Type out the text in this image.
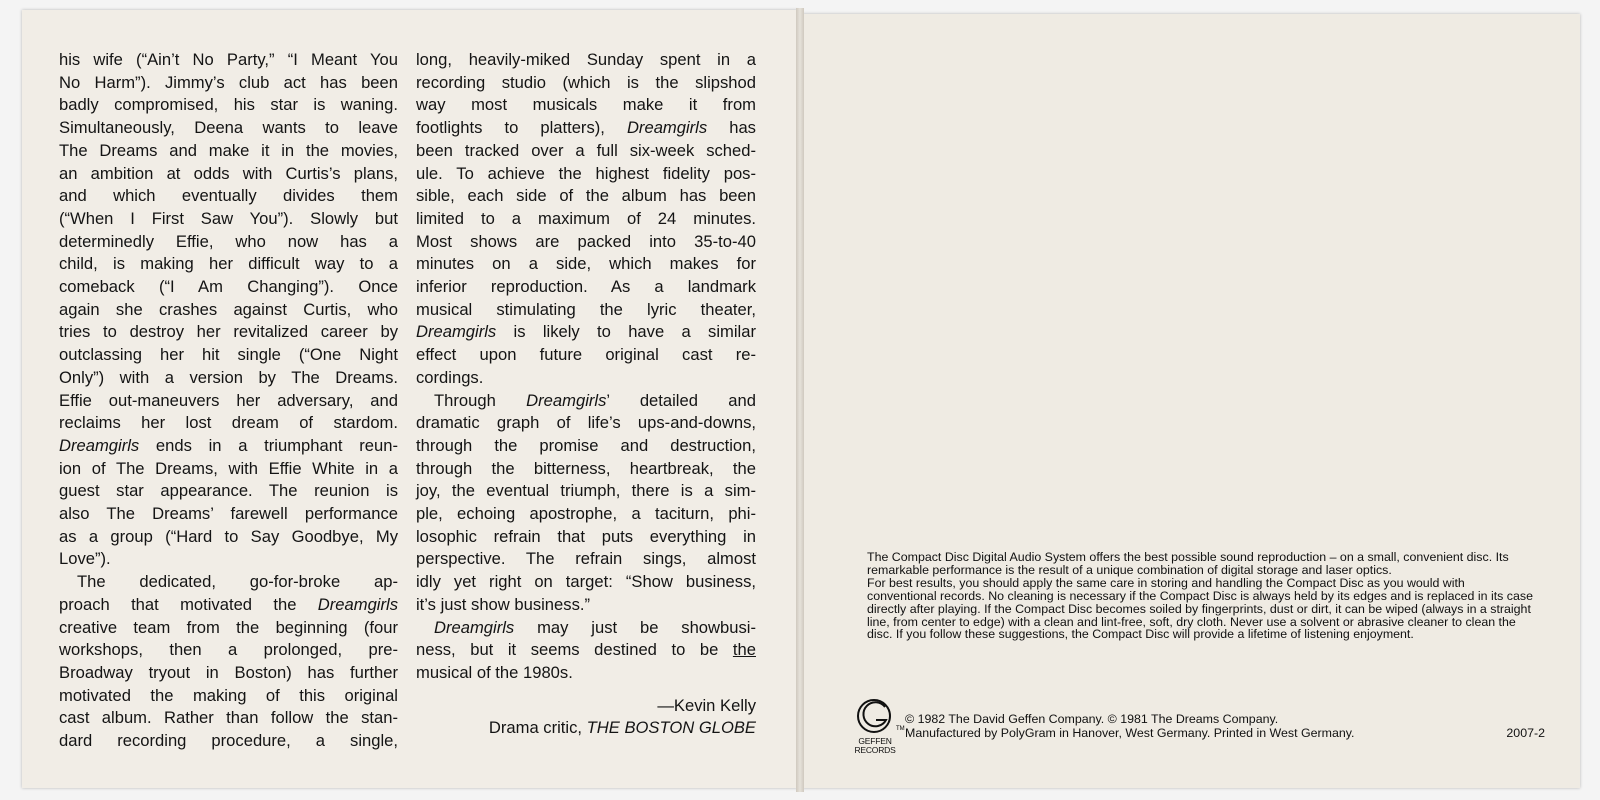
his wife (“Ain’t No Party,” “I Meant You
No Harm”). Jimmy’s club act has been
badly compromised, his star is waning.
Simultaneously, Deena wants to leave
The Dreams and make it in the movies,
an ambition at odds with Curtis’s plans,
and which eventually divides them
(“When I First Saw You”). Slowly but
determinedly Effie, who now has a
child, is making her difficult way to a
comeback (“I Am Changing”). Once
again she crashes against Curtis, who
tries to destroy her revitalized career by
outclassing her hit single (“One Night
Only”) with a version by The Dreams.
Effie out-maneuvers her adversary, and
reclaims her lost dream of stardom.
Dreamgirls ends in a triumphant reun-
ion of The Dreams, with Effie White in a
guest star appearance. The reunion is
also The Dreams’ farewell performance
as a group (“Hard to Say Goodbye, My
Love”).
The dedicated, go-for-broke ap-
proach that motivated the Dreamgirls
creative team from the beginning (four
workshops, then a prolonged, pre-
Broadway tryout in Boston) has further
motivated the making of this original
cast album. Rather than follow the stan-
dard recording procedure, a single,
long, heavily-miked Sunday spent in a
recording studio (which is the slipshod
way most musicals make it from
footlights to platters), Dreamgirls has
been tracked over a full six-week sched-
ule. To achieve the highest fidelity pos-
sible, each side of the album has been
limited to a maximum of 24 minutes.
Most shows are packed into 35-to-40
minutes on a side, which makes for
inferior reproduction. As a landmark
musical stimulating the lyric theater,
Dreamgirls is likely to have a similar
effect upon future original cast re-
cordings.
Through Dreamgirls’ detailed and
dramatic graph of life’s ups-and-downs,
through the promise and destruction,
through the bitterness, heartbreak, the
joy, the eventual triumph, there is a sim-
ple, echoing apostrophe, a taciturn, phi-
losophic refrain that puts everything in
perspective. The refrain sings, almost
idly yet right on target: “Show business,
it’s just show business.”
Dreamgirls may just be showbusi-
ness, but it seems destined to be the
musical of the 1980s.
—Kevin Kelly
Drama critic, THE BOSTON GLOBE

The Compact Disc Digital Audio System offers the best possible sound reproduction – on a small, convenient disc. Its remarkable performance is the result of a unique combination of digital storage and laser optics.

For best results, you should apply the same care in storing and handling the Compact Disc as you would with conventional records. No cleaning is necessary if the Compact Disc is always held by its edges and is replaced in its case directly after playing. If the Compact Disc becomes soiled by fingerprints, dust or dirt, it can be wiped (always in a straight line, from center to edge) with a clean and lint-free, soft, dry cloth. Never use a solvent or abrasive cleaner to clean the disc. If you follow these suggestions, the Compact Disc will provide a lifetime of listening enjoyment.

TM
GEFFEN
RECORDS

© 1982 The David Geffen Company. © 1981 The Dreams Company.

Manufactured by PolyGram in Hanover, West Germany. Printed in West Germany.	2007-2
